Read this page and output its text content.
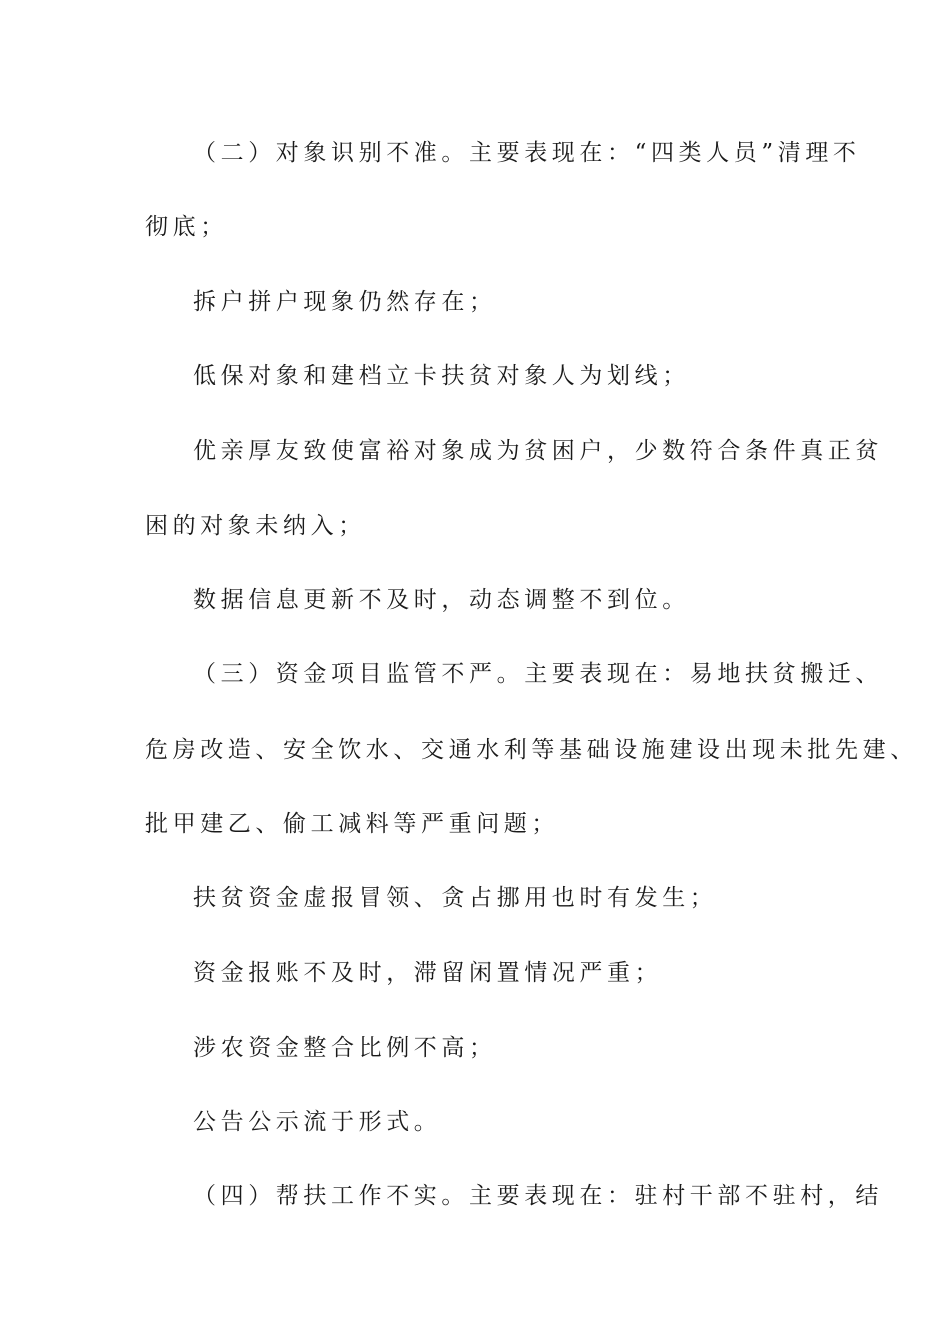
（二）对象识别不准。主要表现在：“四类人员”清理不

彻底；

拆户拼户现象仍然存在；

低保对象和建档立卡扶贫对象人为划线；

优亲厚友致使富裕对象成为贫困户，少数符合条件真正贫

困的对象未纳入；

数据信息更新不及时，动态调整不到位。

（三）资金项目监管不严。主要表现在：易地扶贫搬迁、

危房改造、安全饮水、交通水利等基础设施建设出现未批先建、

批甲建乙、偷工减料等严重问题；

扶贫资金虚报冒领、贪占挪用也时有发生；

资金报账不及时，滞留闲置情况严重；

涉农资金整合比例不高；

公告公示流于形式。

（四）帮扶工作不实。主要表现在：驻村干部不驻村，结
